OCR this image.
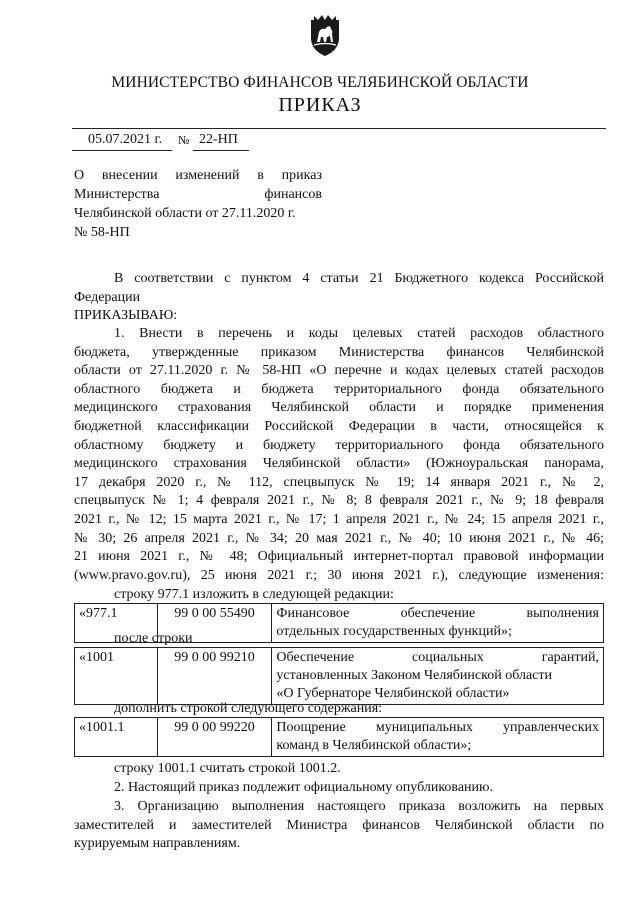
МИНИСТЕРСТВО ФИНАНСОВ ЧЕЛЯБИНСКОЙ ОБЛАСТИ
ПРИКАЗ
05.07.2021 г. № 22-НП
О внесении изменений в приказ
Министерства финансов
Челябинской области от 27.11.2020 г.
№ 58-НП
В соответствии с пунктом 4 статьи 21 Бюджетного кодекса Российской
Федерации
ПРИКАЗЫВАЮ:
1. Внести в перечень и коды целевых статей расходов областного
бюджета, утвержденные приказом Министерства финансов Челябинской
области от 27.11.2020 г. № 58-НП «О перечне и кодах целевых статей расходов
областного бюджета и бюджета территориального фонда обязательного
медицинского страхования Челябинской области и порядке применения
бюджетной классификации Российской Федерации в части, относящейся к
областному бюджету и бюджету территориального фонда обязательного
медицинского страхования Челябинской области» (Южноуральская панорама,
17 декабря 2020 г., № 112, спецвыпуск № 19; 14 января 2021 г., № 2,
спецвыпуск № 1; 4 февраля 2021 г., № 8; 8 февраля 2021 г., № 9; 18 февраля
2021 г., № 12; 15 марта 2021 г., № 17; 1 апреля 2021 г., № 24; 15 апреля 2021 г.,
№ 30; 26 апреля 2021 г., № 34; 20 мая 2021 г., № 40; 10 июня 2021 г., № 46;
21 июня 2021 г., № 48; Официальный интернет-портал правовой информации
(www.pravo.gov.ru), 25 июня 2021 г.; 30 июня 2021 г.), следующие изменения:
строку 977.1 изложить в следующей редакции:
«977.1	99 0 00 55490	Финансовое обеспечение выполнения
отдельных государственных функций»;
после строки
«1001	99 0 00 99210	Обеспечение социальных гарантий,
установленных Законом Челябинской области
«О Губернаторе Челябинской области»
дополнить строкой следующего содержания:
«1001.1	99 0 00 99220	Поощрение муниципальных управленческих
команд в Челябинской области»;
строку 1001.1 считать строкой 1001.2.
2. Настоящий приказ подлежит официальному опубликованию.
3. Организацию выполнения настоящего приказа возложить на первых
заместителей и заместителей Министра финансов Челябинской области по
курируемым направлениям.
